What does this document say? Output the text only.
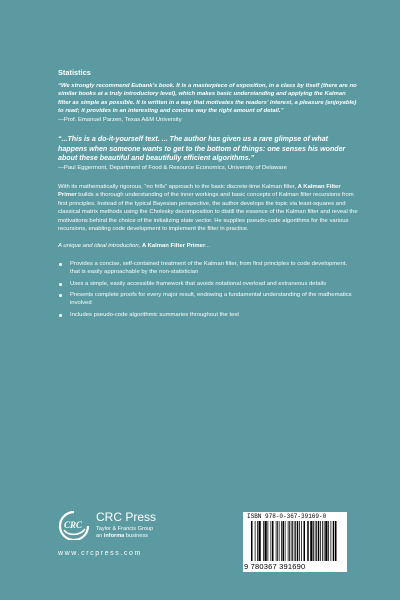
Statistics

“We strongly recommend Eubank’s book. It is a masterpiece of exposition, in a class by itself (there are no similar books at a truly introductory level), which makes basic understanding and applying the Kalman filter as simple as possible. It is written in a way that motivates the readers’ interest, a pleasure (enjoyable) to read; it provides in an interesting and concise way the right amount of detail.”

—Prof. Emanuel Parzen, Texas A&M University

“...This is a do-it-yourself text. ... The author has given us a rare glimpse of what happens when someone wants to get to the bottom of things: one senses his wonder about these beautiful and beautifully efficient algorithms.”

—Paul Eggermont, Department of Food & Resource Economics, University of Delaware

With its mathematically rigorous, “no frills” approach to the basic discrete-time Kalman filter, A Kalman Filter Primer builds a thorough understanding of the inner workings and basic concepts of Kalman filter recursions from first principles. Instead of the typical Bayesian perspective, the author develops the topic via least-squares and classical matrix methods using the Cholesky decomposition to distill the essence of the Kalman filter and reveal the motivations behind the choice of the initializing state vector. He supplies pseudo-code algorithms for the various recursions, enabling code development to implement the filter in practice.

A unique and ideal introduction, A Kalman Filter Primer...

Provides a concise, self-contained treatment of the Kalman filter, from first principles to code development, that is easily approachable by the non-statistician
Uses a simple, easily accessible framework that avoids notational overload and extraneous details
Presents complete proofs for every major result, endowing a fundamental understanding of the mathematics involved
Includes pseudo-code algorithmic summaries throughout the text
CRC
CRC Press
Taylor & Francis Group
an informa business
www.crcpress.com
ISBN 978-0-367-39169-0
9 780367 391690
